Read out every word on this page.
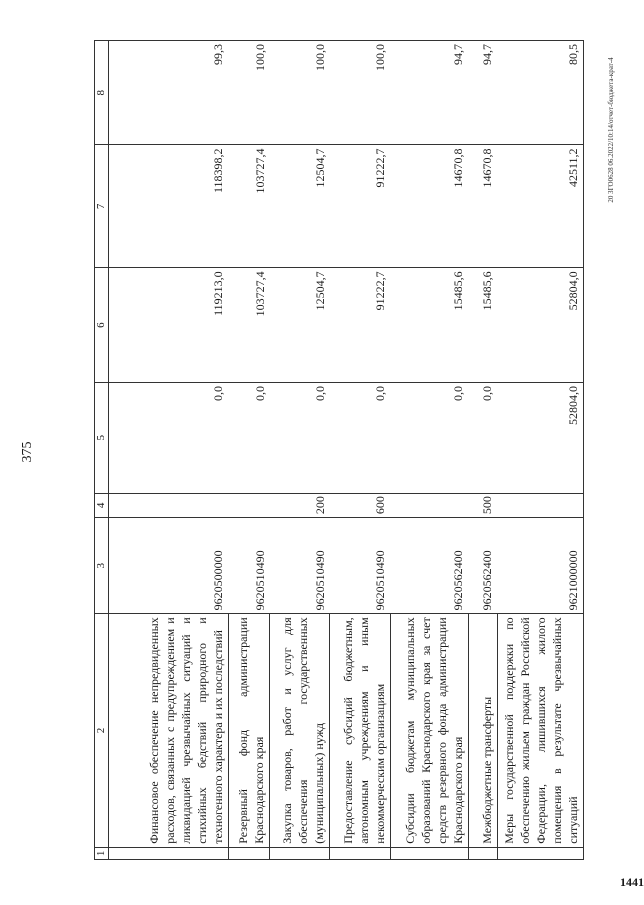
375
20 ЗГО0628 06.2022/10:14/отчет-бюджета-крат-4
1441
1	2	3	4	5	6	7	8
	Финансовое обеспечение непредвиденных расходов, связанных с предупреждением и ликвидацией чрезвычайных ситуаций и стихийных бедствий природного и техногенного характера и их последствий	9620500000		0,0	119213,0	118398,2	99,3
	Резервный фонд администрации Краснодарского края	9620510490		0,0	103727,4	103727,4	100,0
	Закупка товаров, работ и услуг для обеспечения государственных (муниципальных) нужд	9620510490	200	0,0	12504,7	12504,7	100,0
	Предоставление субсидий бюджетным, автономным учреждениям и иным некоммерческим организациям	9620510490	600	0,0	91222,7	91222,7	100,0
	Субсидии бюджетам муниципальных образований Краснодарского края за счет средств резервного фонда администрации Краснодарского края	9620562400		0,0	15485,6	14670,8	94,7
	Межбюджетные трансферты	9620562400	500	0,0	15485,6	14670,8	94,7
	Меры государственной поддержки по обеспечению жильем граждан Российской Федерации, лишившихся жилого помещения в результате чрезвычайных ситуаций	9621000000		52804,0	52804,0	42511,2	80,5
